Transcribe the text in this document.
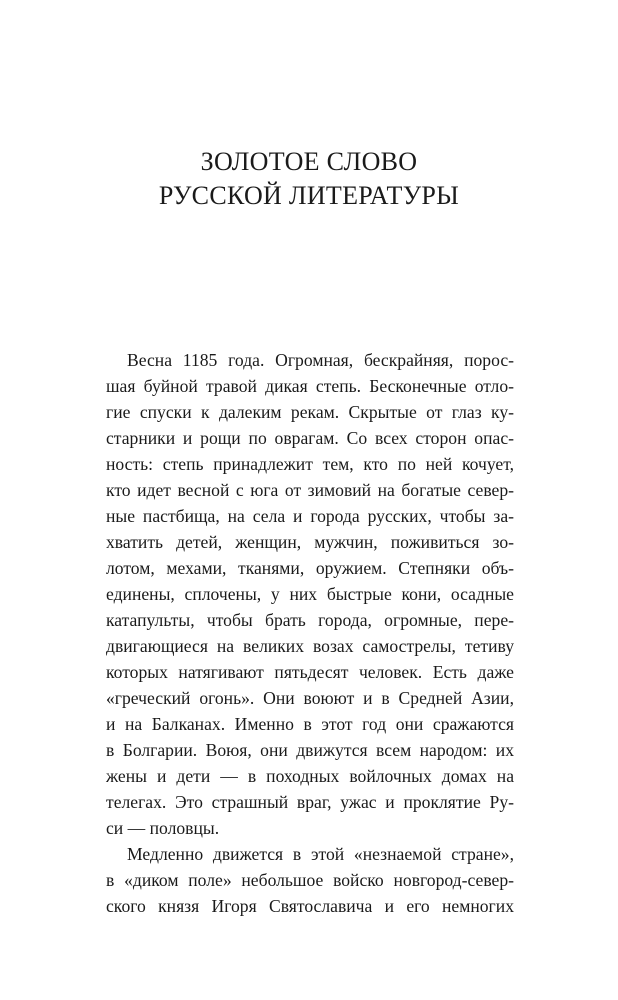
ЗОЛОТОЕ СЛОВО
РУССКОЙ ЛИТЕРАТУРЫ
Весна 1185 года. Огромная, бескрайняя, порос-
шая буйной травой дикая степь. Бесконечные отло-
гие спуски к далеким рекам. Скрытые от глаз ку-
старники и рощи по оврагам. Со всех сторон опас-
ность: степь принадлежит тем, кто по ней кочует,
кто идет весной с юга от зимовий на богатые север-
ные пастбища, на села и города русских, чтобы за-
хватить детей, женщин, мужчин, поживиться зо-
лотом, мехами, тканями, оружием. Степняки объ-
единены, сплочены, у них быстрые кони, осадные
катапульты, чтобы брать города, огромные, пере-
двигающиеся на великих возах самострелы, тетиву
которых натягивают пятьдесят человек. Есть даже
«греческий огонь». Они воюют и в Средней Азии,
и на Балканах. Именно в этот год они сражаются
в Болгарии. Воюя, они движутся всем народом: их
жены и дети — в походных войлочных домах на
телегах. Это страшный враг, ужас и проклятие Ру-
си — половцы.
Медленно движется в этой «незнаемой стране»,
в «диком поле» небольшое войско новгород-север-
ского князя Игоря Святославича и его немногих
